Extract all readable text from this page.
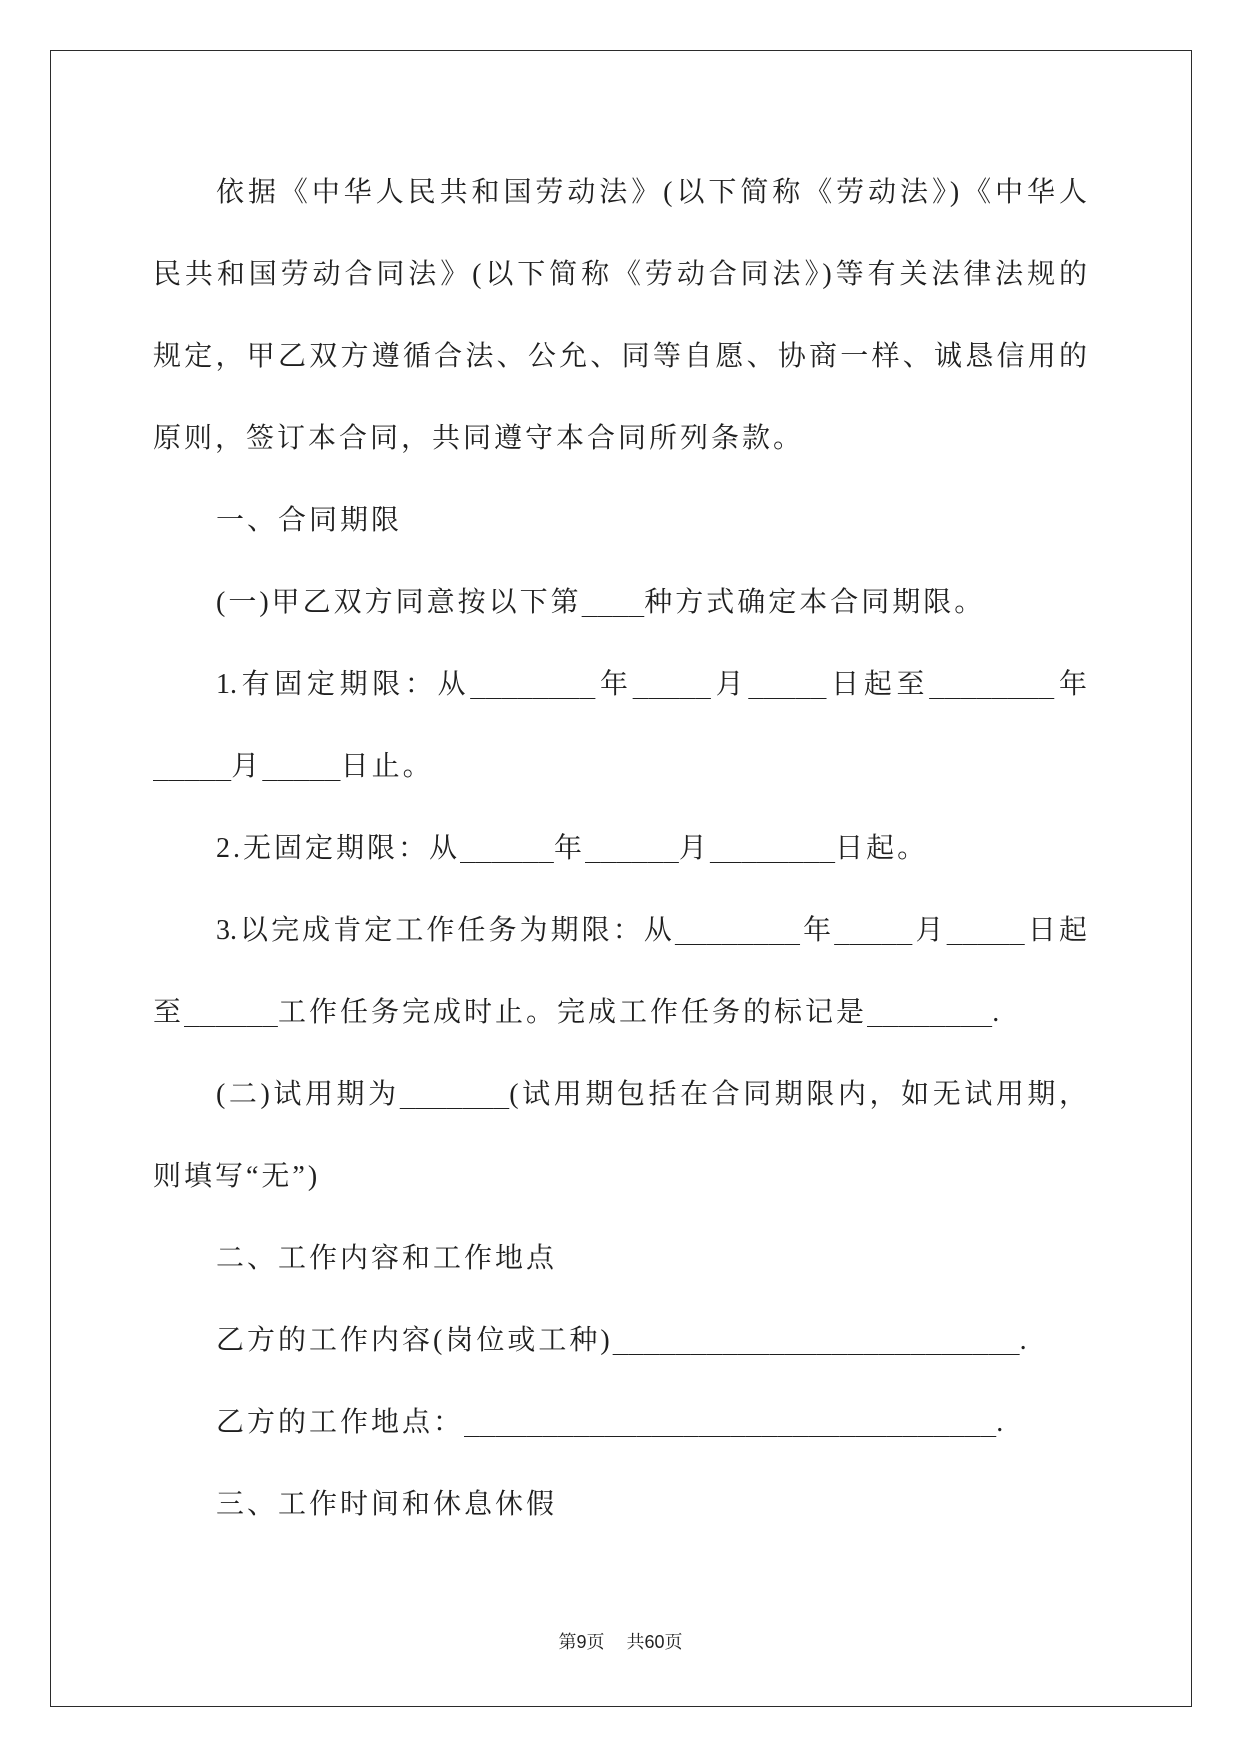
依据《中华人民共和国劳动法》(以下简称《劳动法》)《中华人
民共和国劳动合同法》(以下简称《劳动合同法》)等有关法律法规的
规定，甲乙双方遵循合法、公允、同等自愿、协商一样、诚恳信用的
原则，签订本合同，共同遵守本合同所列条款。
一、合同期限
(一)甲乙双方同意按以下第____种方式确定本合同期限。
1.有固定期限：从________年_____月_____日起至________年
_____月_____日止。
2.无固定期限：从______年______月________日起。
3.以完成肯定工作任务为期限：从________年_____月_____日起
至______工作任务完成时止。完成工作任务的标记是________.
(二)试用期为_______(试用期包括在合同期限内，如无试用期，
则填写“无”)
二、工作内容和工作地点
乙方的工作内容(岗位或工种)__________________________.
乙方的工作地点：__________________________________.
三、工作时间和休息休假
第9页 共60页
